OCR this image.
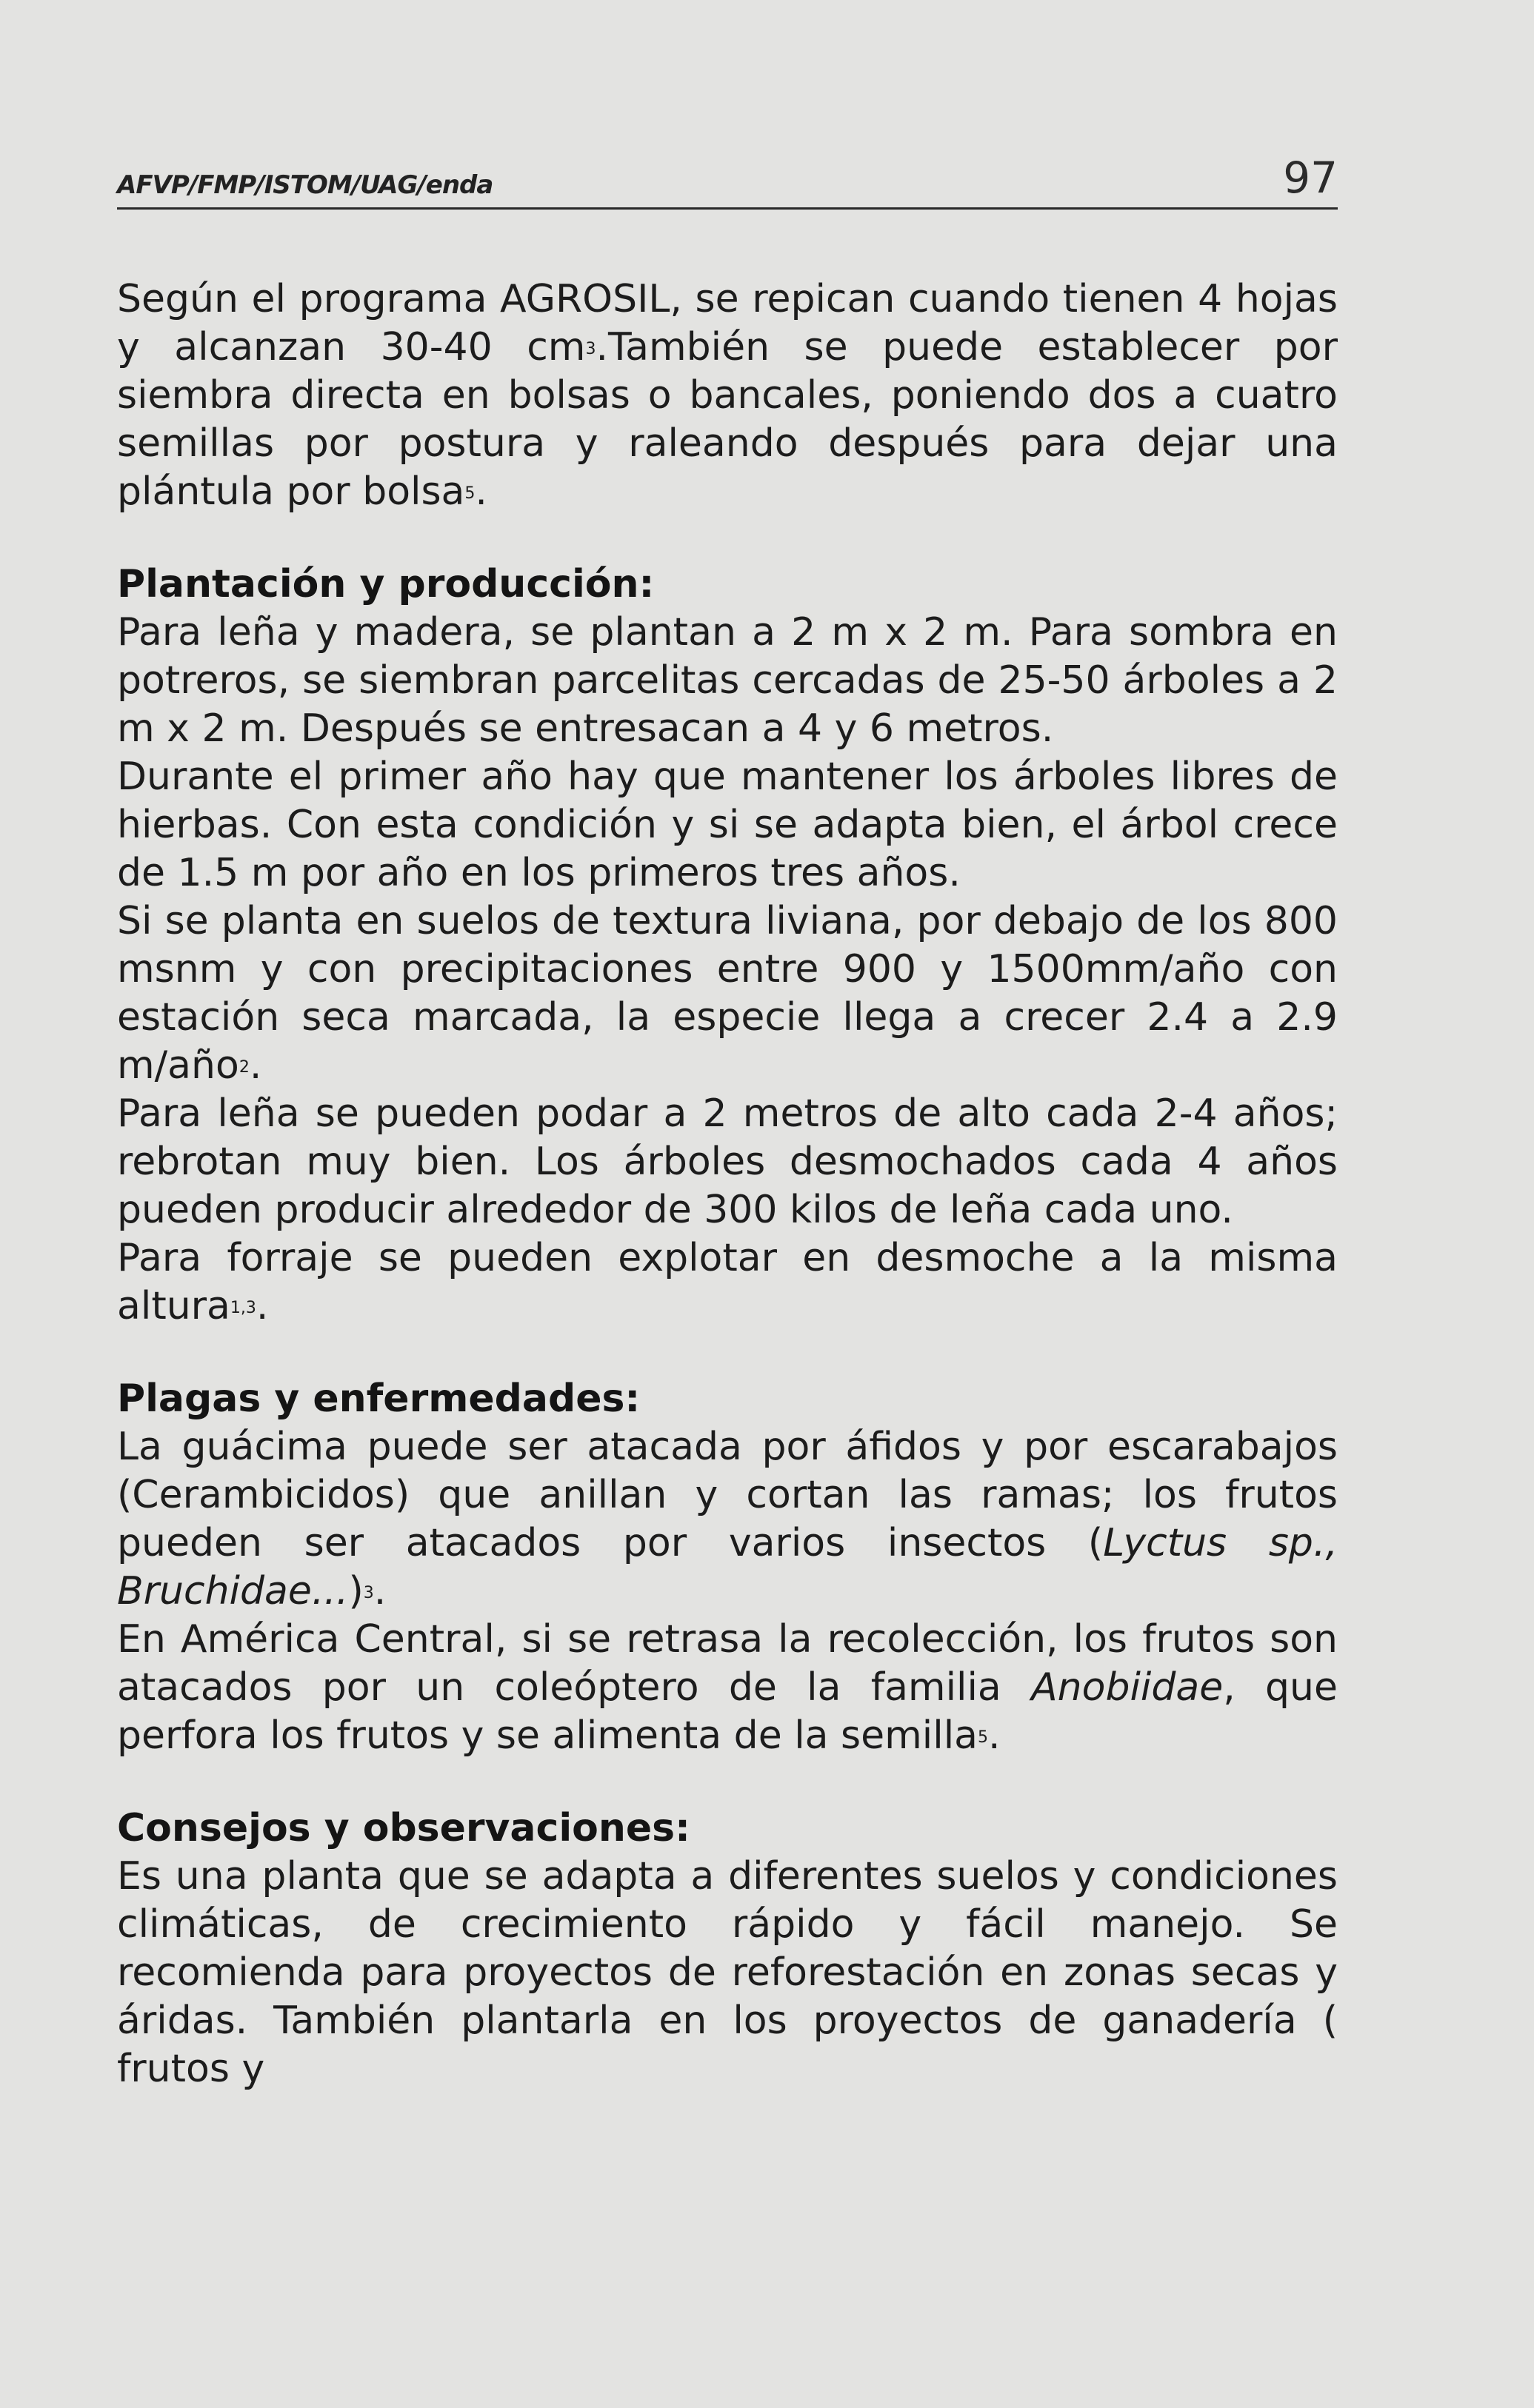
AFVP/FMP/ISTOM/UAG/enda	97

Según el programa AGROSIL, se repican cuando tienen 4 hojas y alcanzan 30-40 $cm^3.También$ se puede establecer por siembra directa en bolsas o bancales, poniendo dos a cuatro semillas por postura y raleando después para dejar una plántula por bolsa$^5$.

Plantación y producción:

Para leña y madera, se plantan a 2 m x 2 m. Para sombra en potreros, se siembran parcelitas cercadas de 25-50 árboles a 2 m x 2 m. Después se entresacan a 4 y 6 metros.

Durante el primer año hay que mantener los árboles libres de hierbas. Con esta condición y si se adapta bien, el árbol crece de 1.5 m por año en los primeros tres años.

Si se planta en suelos de textura liviana, por debajo de los 800 msnm y con precipitaciones entre 900 y 1500mm/año con estación seca marcada, la especie llega a crecer 2.4 a 2.9 m/año$^2$.

Para leña se pueden podar a 2 metros de alto cada 2-4 años; rebrotan muy bien. Los árboles desmochados cada 4 años pueden producir alrededor de 300 kilos de leña cada uno.

Para forraje se pueden explotar en desmoche a la misma altura$^{1,3}$.

Plagas y enfermedades:

La guácima puede ser atacada por áfidos y por escarabajos (Cerambicidos) que anillan y cortan las ramas; los frutos pueden ser atacados por varios insectos (Lyctus sp., Bruchidae...)$^3$.

En América Central, si se retrasa la recolección, los frutos son atacados por un coleóptero de la familia Anobiidae, que perfora los frutos y se alimenta de la semilla$^5$.

Consejos y observaciones:

Es una planta que se adapta a diferentes suelos y condiciones climáticas, de crecimiento rápido y fácil manejo. Se recomienda para proyectos de reforestación en zonas secas y áridas. También plantarla en los proyectos de ganadería ( frutos y
